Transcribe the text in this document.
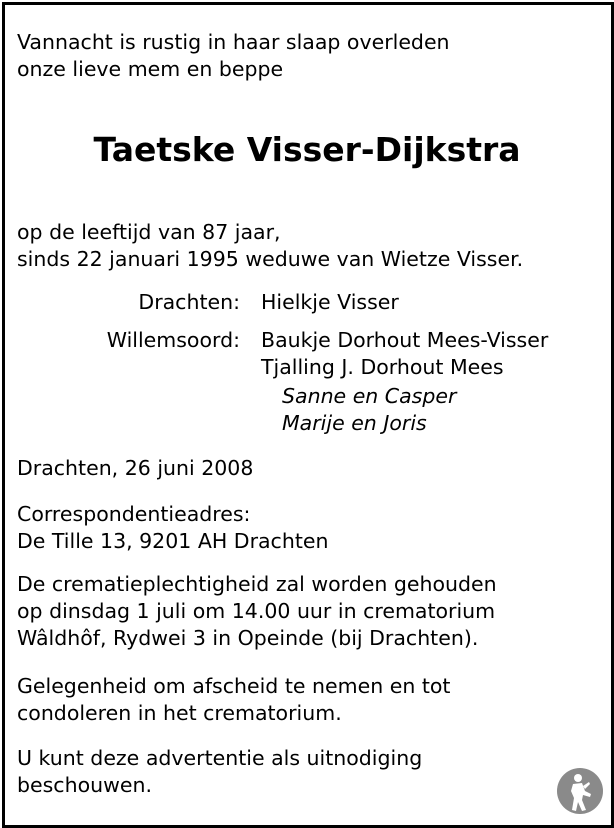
Vannacht is rustig in haar slaap overleden
onze lieve mem en beppe
Taetske Visser-Dijkstra
op de leeftijd van 87 jaar,
sinds 22 januari 1995 weduwe van Wietze Visser.
Drachten: Hielkje Visser
Willemsoord: Baukje Dorhout Mees-Visser
Tjalling J. Dorhout Mees
Sanne en Casper
Marije en Joris
Drachten, 26 juni 2008
Correspondentieadres:
De Tille 13, 9201 AH Drachten
De crematieplechtigheid zal worden gehouden
op dinsdag 1 juli om 14.00 uur in crematorium
Wâldhôf, Rydwei 3 in Opeinde (bij Drachten).
Gelegenheid om afscheid te nemen en tot
condoleren in het crematorium.
U kunt deze advertentie als uitnodiging
beschouwen.
